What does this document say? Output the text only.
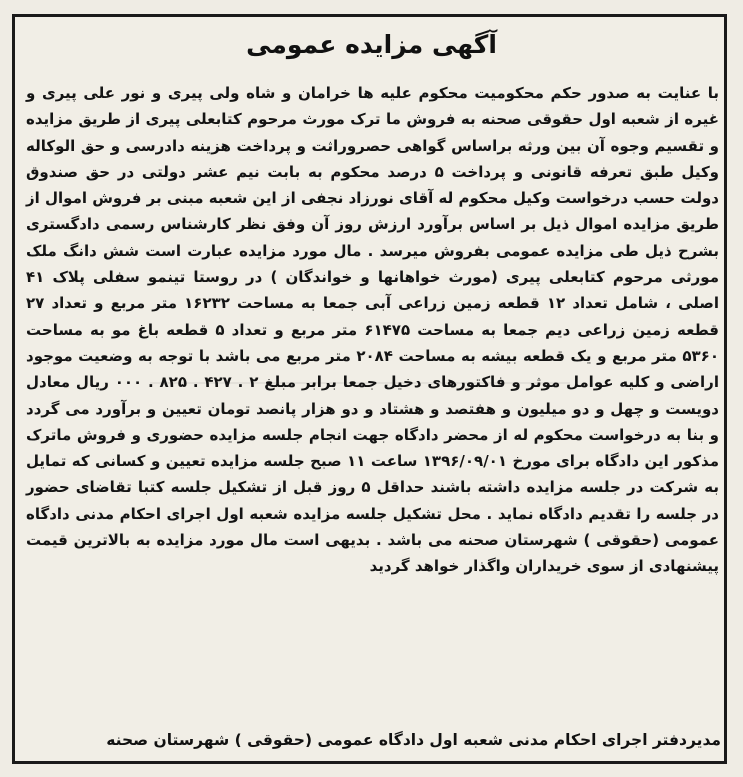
آگهی مزایده عمومی
با عنایت به صدور حکم محکومیت محکوم علیه ها خرامان و شاه ولی پیری و نور علی پیری و غیره از شعبه اول حقوقی صحنه به فروش ما ترک مورث مرحوم کتابعلی پیری از طریق مزایده و تقسیم وجوه آن بین ورثه براساس گواهی حصروراثت و پرداخت هزینه دادرسی و حق الوکاله وکیل طبق تعرفه قانونی و پرداخت ۵ درصد محکوم به بابت نیم عشر دولتی در حق صندوق دولت حسب درخواست وکیل محکوم له آقای نورزاد نجفی از این شعبه مبنی بر فروش اموال از طریق مزایده اموال ذیل بر اساس برآورد ارزش روز آن وفق نظر کارشناس رسمی دادگستری بشرح ذیل طی مزایده عمومی بفروش میرسد . مال مورد مزایده عبارت است شش دانگ ملک مورثی مرحوم کتابعلی پیری (مورث خواهانها و خواندگان ) در روستا تینمو سفلی پلاک ۴۱ اصلی ، شامل تعداد ۱۲ قطعه زمین زراعی آبی جمعا به مساحت ۱۶۲۳۲ متر مربع و تعداد ۲۷ قطعه زمین زراعی دیم جمعا به مساحت ۶۱۴۷۵ متر مربع و تعداد ۵ قطعه باغ مو به مساحت ۵۳۶۰ متر مربع و یک قطعه بیشه به مساحت ۲۰۸۴ متر مربع می باشد با توجه به وضعیت موجود اراضی و کلیه عوامل موثر و فاکتورهای دخیل جمعا برابر مبلغ ۲ . ۴۲۷ . ۸۲۵ . ۰۰۰ ریال معادل دویست و چهل و دو میلیون و هفتصد و هشتاد و دو هزار پانصد تومان تعیین و برآورد می گردد و بنا به درخواست محکوم له از محضر دادگاه جهت انجام جلسه مزایده حضوری و فروش ماترک مذکور این دادگاه برای مورخ ۱۳۹۶/۰۹/۰۱ ساعت ۱۱ صبح جلسه مزایده تعیین و کسانی که تمایل به شرکت در جلسه مزایده داشته باشند حداقل ۵ روز قبل از تشکیل جلسه کتبا تقاضای حضور در جلسه را تقدیم دادگاه نماید . محل تشکیل جلسه مزایده شعبه اول اجرای احکام مدنی دادگاه عمومی (حقوقی ) شهرستان صحنه می باشد . بدیهی است مال مورد مزایده به بالاترین قیمت پیشنهادی از سوی خریداران واگذار خواهد گردید
مدیردفتر اجرای احکام مدنی شعبه اول دادگاه عمومی (حقوقی ) شهرستان صحنه
